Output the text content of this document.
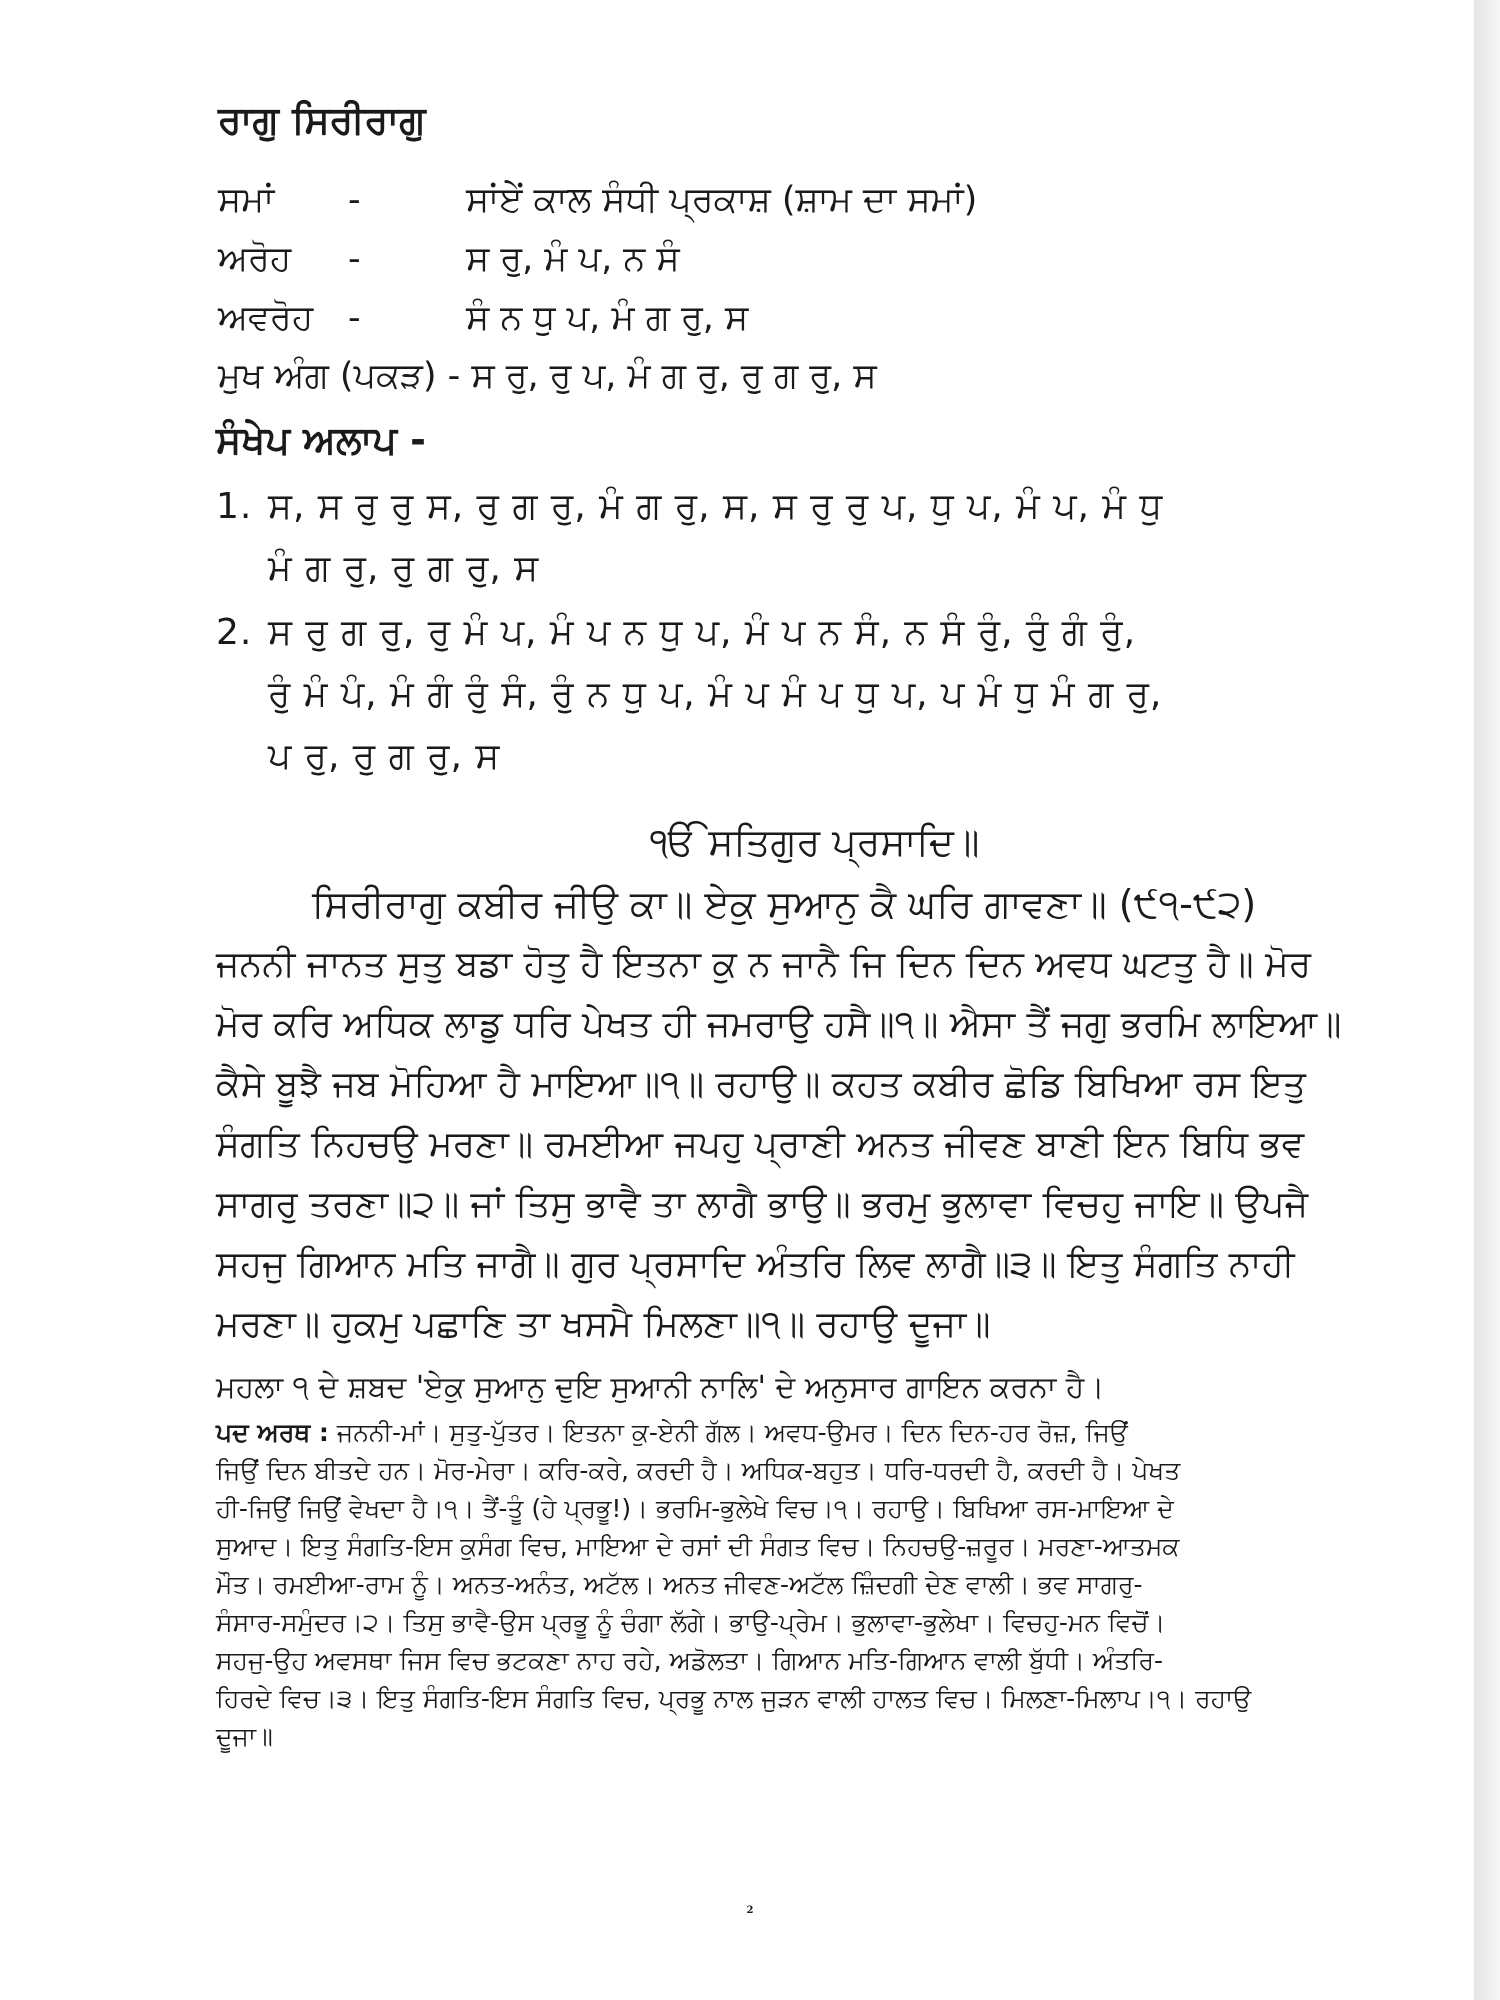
ਰਾਗੁ ਸਿਰੀਰਾਗੁ
ਸਮਾਂ -	ਸਾਂਏਂ ਕਾਲ ਸੰਧੀ ਪ੍ਰਕਾਸ਼ (ਸ਼ਾਮ ਦਾ ਸਮਾਂ)
ਅਰੋਹ -	ਸ ਰੁ, ਮੰ ਪ, ਨ ਸੰ
ਅਵਰੋਹ -	ਸੰ ਨ ਧੁ ਪ, ਮੰ ਗ ਰੁ, ਸ
ਮੁਖ ਅੰਗ (ਪਕੜ) - ਸ ਰੁ, ਰੁ ਪ, ਮੰ ਗ ਰੁ, ਰੁ ਗ ਰੁ, ਸ
ਸੰਖੇਪ ਅਲਾਪ -
1. ਸ, ਸ ਰੁ ਰੁ ਸ, ਰੁ ਗ ਰੁ, ਮੰ ਗ ਰੁ, ਸ, ਸ ਰੁ ਰੁ ਪ, ਧੁ ਪ, ਮੰ ਪ, ਮੰ ਧੁ
ਮੰ ਗ ਰੁ, ਰੁ ਗ ਰੁ, ਸ
2. ਸ ਰੁ ਗ ਰੁ, ਰੁ ਮੰ ਪ, ਮੰ ਪ ਨ ਧੁ ਪ, ਮੰ ਪ ਨ ਸੰ, ਨ ਸੰ ਰੁੰ, ਰੁੰ ਗੰ ਰੁੰ,
ਰੁੰ ਮੰ ਪੰ, ਮੰ ਗੰ ਰੁੰ ਸੰ, ਰੁੰ ਨ ਧੁ ਪ, ਮੰ ਪ ਮੰ ਪ ਧੁ ਪ, ਪ ਮੰ ਧੁ ਮੰ ਗ ਰੁ,
ਪ ਰੁ, ਰੁ ਗ ਰੁ, ਸ
ੴ ਸਤਿਗੁਰ ਪ੍ਰਸਾਦਿ॥
ਸਿਰੀਰਾਗੁ ਕਬੀਰ ਜੀਉ ਕਾ॥ ਏਕੁ ਸੁਆਨੁ ਕੈ ਘਰਿ ਗਾਵਣਾ॥ (੯੧-੯੨)
ਜਨਨੀ ਜਾਨਤ ਸੁਤੁ ਬਡਾ ਹੋਤੁ ਹੈ ਇਤਨਾ ਕੁ ਨ ਜਾਨੈ ਜਿ ਦਿਨ ਦਿਨ ਅਵਧ ਘਟਤੁ ਹੈ॥ ਮੋਰ
ਮੋਰ ਕਰਿ ਅਧਿਕ ਲਾਡੁ ਧਰਿ ਪੇਖਤ ਹੀ ਜਮਰਾਉ ਹਸੈ॥੧॥ ਐਸਾ ਤੈਂ ਜਗੁ ਭਰਮਿ ਲਾਇਆ॥
ਕੈਸੇ ਬੂਝੈ ਜਬ ਮੋਹਿਆ ਹੈ ਮਾਇਆ॥੧॥ ਰਹਾਉ॥ ਕਹਤ ਕਬੀਰ ਛੋਡਿ ਬਿਖਿਆ ਰਸ ਇਤੁ
ਸੰਗਤਿ ਨਿਹਚਉ ਮਰਣਾ॥ ਰਮਈਆ ਜਪਹੁ ਪ੍ਰਾਣੀ ਅਨਤ ਜੀਵਣ ਬਾਣੀ ਇਨ ਬਿਧਿ ਭਵ
ਸਾਗਰੁ ਤਰਣਾ॥੨॥ ਜਾਂ ਤਿਸੁ ਭਾਵੈ ਤਾ ਲਾਗੈ ਭਾਉ॥ ਭਰਮੁ ਭੁਲਾਵਾ ਵਿਚਹੁ ਜਾਇ॥ ਉਪਜੈ
ਸਹਜੁ ਗਿਆਨ ਮਤਿ ਜਾਗੈ॥ ਗੁਰ ਪ੍ਰਸਾਦਿ ਅੰਤਰਿ ਲਿਵ ਲਾਗੈ॥੩॥ ਇਤੁ ਸੰਗਤਿ ਨਾਹੀ
ਮਰਣਾ॥ ਹੁਕਮੁ ਪਛਾਣਿ ਤਾ ਖਸਮੈ ਮਿਲਣਾ॥੧॥ ਰਹਾਉ ਦੂਜਾ॥
ਮਹਲਾ ੧ ਦੇ ਸ਼ਬਦ 'ਏਕੁ ਸੁਆਨੁ ਦੁਇ ਸੁਆਨੀ ਨਾਲਿ' ਦੇ ਅਨੁਸਾਰ ਗਾਇਨ ਕਰਨਾ ਹੈ।
ਪਦ ਅਰਥ : ਜਨਨੀ-ਮਾਂ। ਸੁਤੁ-ਪੁੱਤਰ। ਇਤਨਾ ਕੁ-ਏਨੀ ਗੱਲ। ਅਵਧ-ਉਮਰ। ਦਿਨ ਦਿਨ-ਹਰ ਰੋਜ਼, ਜਿਉਂ
ਜਿਉਂ ਦਿਨ ਬੀਤਦੇ ਹਨ। ਮੋਰ-ਮੇਰਾ। ਕਰਿ-ਕਰੇ, ਕਰਦੀ ਹੈ। ਅਧਿਕ-ਬਹੁਤ। ਧਰਿ-ਧਰਦੀ ਹੈ, ਕਰਦੀ ਹੈ। ਪੇਖਤ
ਹੀ-ਜਿਉਂ ਜਿਉਂ ਵੇਖਦਾ ਹੈ।੧। ਤੈਂ-ਤੂੰ (ਹੇ ਪ੍ਰਭੂ!)। ਭਰਮਿ-ਭੁਲੇਖੇ ਵਿਚ।੧। ਰਹਾਉ। ਬਿਖਿਆ ਰਸ-ਮਾਇਆ ਦੇ
ਸੁਆਦ। ਇਤੁ ਸੰਗਤਿ-ਇਸ ਕੁਸੰਗ ਵਿਚ, ਮਾਇਆ ਦੇ ਰਸਾਂ ਦੀ ਸੰਗਤ ਵਿਚ। ਨਿਹਚਉ-ਜ਼ਰੂਰ। ਮਰਣਾ-ਆਤਮਕ
ਮੌਤ। ਰਮਈਆ-ਰਾਮ ਨੂੰ। ਅਨਤ-ਅਨੰਤ, ਅਟੱਲ। ਅਨਤ ਜੀਵਣ-ਅਟੱਲ ਜ਼ਿੰਦਗੀ ਦੇਣ ਵਾਲੀ। ਭਵ ਸਾਗਰੁ-
ਸੰਸਾਰ-ਸਮੁੰਦਰ।੨। ਤਿਸੁ ਭਾਵੈ-ਉਸ ਪ੍ਰਭੂ ਨੂੰ ਚੰਗਾ ਲੱਗੇ। ਭਾਉ-ਪ੍ਰੇਮ। ਭੁਲਾਵਾ-ਭੁਲੇਖਾ। ਵਿਚਹੁ-ਮਨ ਵਿਚੋਂ।
ਸਹਜੁ-ਉਹ ਅਵਸਥਾ ਜਿਸ ਵਿਚ ਭਟਕਣਾ ਨਾਹ ਰਹੇ, ਅਡੋਲਤਾ। ਗਿਆਨ ਮਤਿ-ਗਿਆਨ ਵਾਲੀ ਬੁੱਧੀ। ਅੰਤਰਿ-
ਹਿਰਦੇ ਵਿਚ।੩। ਇਤੁ ਸੰਗਤਿ-ਇਸ ਸੰਗਤਿ ਵਿਚ, ਪ੍ਰਭੂ ਨਾਲ ਜੁੜਨ ਵਾਲੀ ਹਾਲਤ ਵਿਚ। ਮਿਲਣਾ-ਮਿਲਾਪ।੧। ਰਹਾਉ
ਦੂਜਾ॥
2
